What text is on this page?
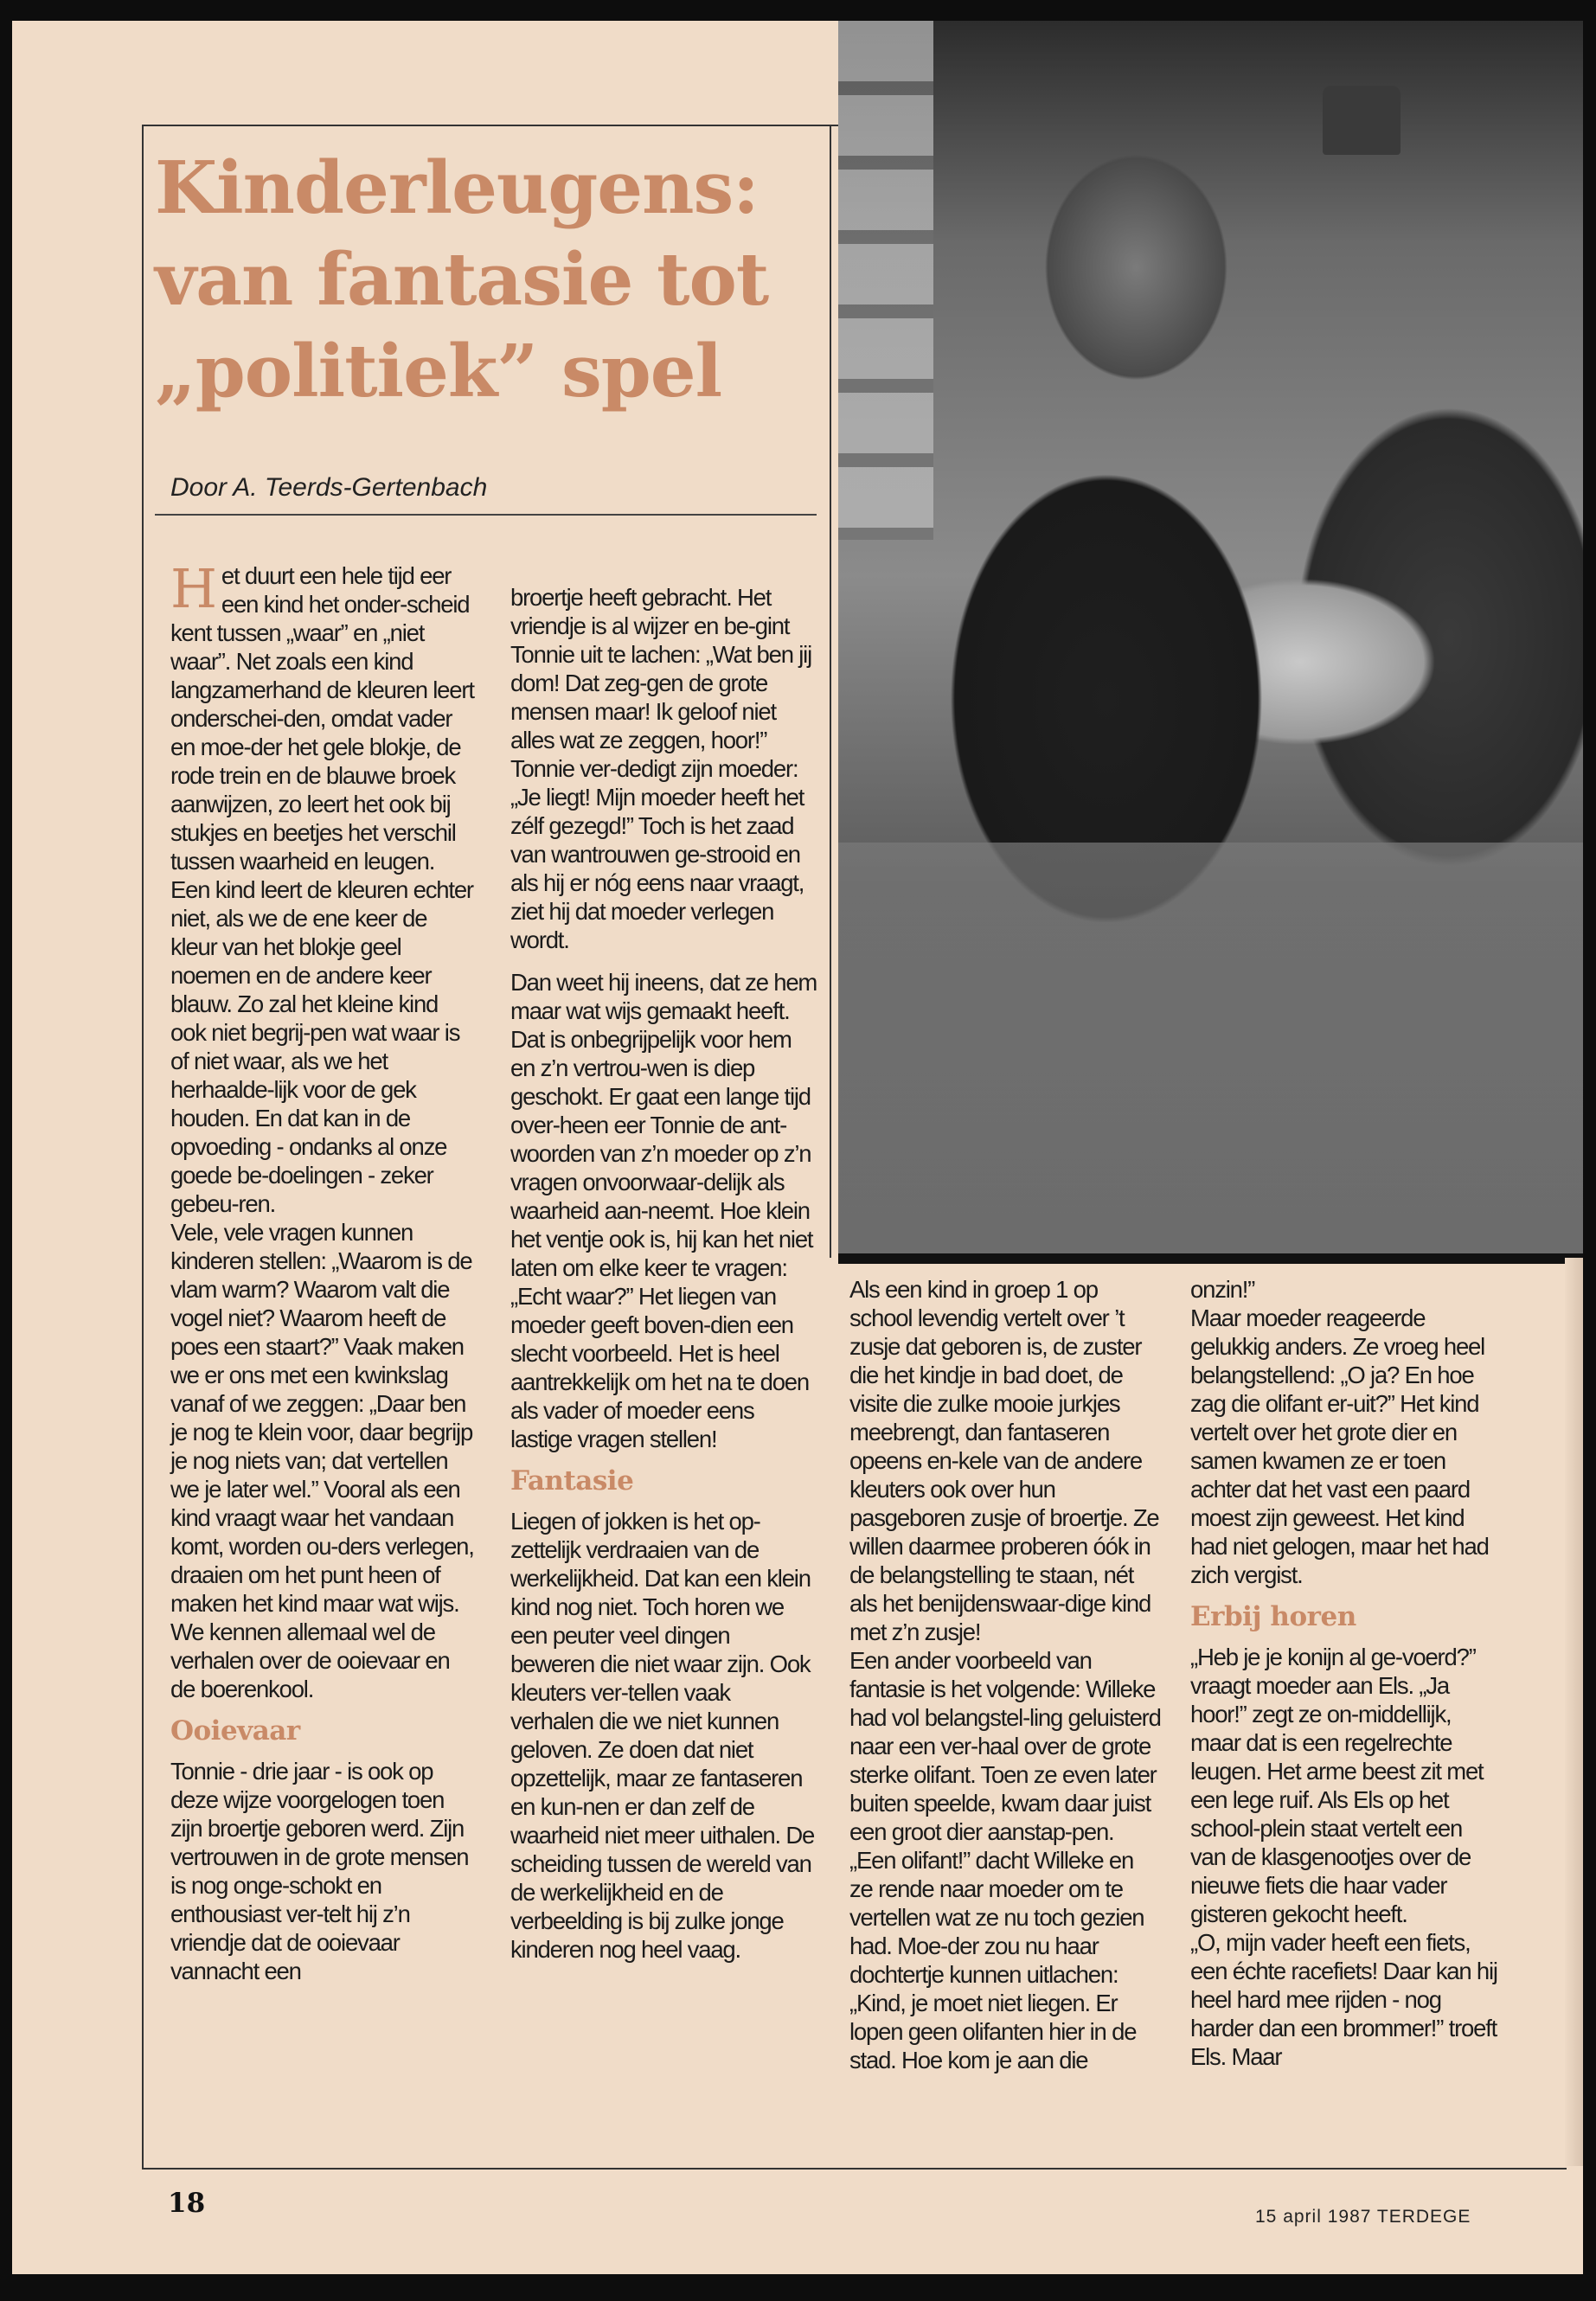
Kinderleugens:
van fantasie tot
„politiek” spel
Door A. Teerds-Gertenbach

Het duurt een hele tijd eer een kind het onder-scheid kent tussen „waar” en „niet waar”. Net zoals een kind langzamerhand de kleuren leert onderschei-den, omdat vader en moe-der het gele blokje, de rode trein en de blauwe broek aanwijzen, zo leert het ook bij stukjes en beetjes het verschil tussen waarheid en leugen.

Een kind leert de kleuren echter niet, als we de ene keer de kleur van het blokje geel noemen en de andere keer blauw. Zo zal het kleine kind ook niet begrij-pen wat waar is of niet waar, als we het herhaalde-lijk voor de gek houden. En dat kan in de opvoeding - ondanks al onze goede be-doelingen - zeker gebeu-ren.

Vele, vele vragen kunnen kinderen stellen: „Waarom is de vlam warm? Waarom valt die vogel niet? Waarom heeft de poes een staart?” Vaak maken we er ons met een kwinkslag vanaf of we zeggen: „Daar ben je nog te klein voor, daar begrijp je nog niets van; dat vertellen we je later wel.” Vooral als een kind vraagt waar het vandaan komt, worden ou-ders verlegen, draaien om het punt heen of maken het kind maar wat wijs. We kennen allemaal wel de verhalen over de ooievaar en de boerenkool.

Ooievaar

Tonnie - drie jaar - is ook op deze wijze voorgelogen toen zijn broertje geboren werd. Zijn vertrouwen in de grote mensen is nog onge-schokt en enthousiast ver-telt hij z’n vriendje dat de ooievaar vannacht een

broertje heeft gebracht. Het vriendje is al wijzer en be-gint Tonnie uit te lachen: „Wat ben jij dom! Dat zeg-gen de grote mensen maar! Ik geloof niet alles wat ze zeggen, hoor!” Tonnie ver-dedigt zijn moeder: „Je liegt! Mijn moeder heeft het zélf gezegd!” Toch is het zaad van wantrouwen ge-strooid en als hij er nóg eens naar vraagt, ziet hij dat moeder verlegen wordt.

Dan weet hij ineens, dat ze hem maar wat wijs gemaakt heeft. Dat is onbegrijpelijk voor hem en z’n vertrou-wen is diep geschokt. Er gaat een lange tijd over-heen eer Tonnie de ant-woorden van z’n moeder op z’n vragen onvoorwaar-delijk als waarheid aan-neemt. Hoe klein het ventje ook is, hij kan het niet laten om elke keer te vragen: „Echt waar?” Het liegen van moeder geeft boven-dien een slecht voorbeeld. Het is heel aantrekkelijk om het na te doen als vader of moeder eens lastige vragen stellen!

Fantasie

Liegen of jokken is het op-zettelijk verdraaien van de werkelijkheid. Dat kan een klein kind nog niet. Toch horen we een peuter veel dingen beweren die niet waar zijn. Ook kleuters ver-tellen vaak verhalen die we niet kunnen geloven. Ze doen dat niet opzettelijk, maar ze fantaseren en kun-nen er dan zelf de waarheid niet meer uithalen. De scheiding tussen de wereld van de werkelijkheid en de verbeelding is bij zulke jonge kinderen nog heel vaag.

Als een kind in groep 1 op school levendig vertelt over ’t zusje dat geboren is, de zuster die het kindje in bad doet, de visite die zulke mooie jurkjes meebrengt, dan fantaseren opeens en-kele van de andere kleuters ook over hun pasgeboren zusje of broertje. Ze willen daarmee proberen óók in de belangstelling te staan, nét als het benijdenswaar-dige kind met z’n zusje!

Een ander voorbeeld van fantasie is het volgende: Willeke had vol belangstel-ling geluisterd naar een ver-haal over de grote sterke olifant. Toen ze even later buiten speelde, kwam daar juist een groot dier aanstap-pen. „Een olifant!” dacht Willeke en ze rende naar moeder om te vertellen wat ze nu toch gezien had. Moe-der zou nu haar dochtertje kunnen uitlachen: „Kind, je moet niet liegen. Er lopen geen olifanten hier in de stad. Hoe kom je aan die

onzin!”

Maar moeder reageerde gelukkig anders. Ze vroeg heel belangstellend: „O ja? En hoe zag die olifant er-uit?” Het kind vertelt over het grote dier en samen kwamen ze er toen achter dat het vast een paard moest zijn geweest. Het kind had niet gelogen, maar het had zich vergist.

Erbij horen

„Heb je je konijn al ge-voerd?” vraagt moeder aan Els. „Ja hoor!” zegt ze on-middellijk, maar dat is een regelrechte leugen. Het arme beest zit met een lege ruif. Als Els op het school-plein staat vertelt een van de klasgenootjes over de nieuwe fiets die haar vader gisteren gekocht heeft.

„O, mijn vader heeft een fiets, een échte racefiets! Daar kan hij heel hard mee rijden - nog harder dan een brommer!” troeft Els. Maar

18	15 april 1987 TERDEGE
